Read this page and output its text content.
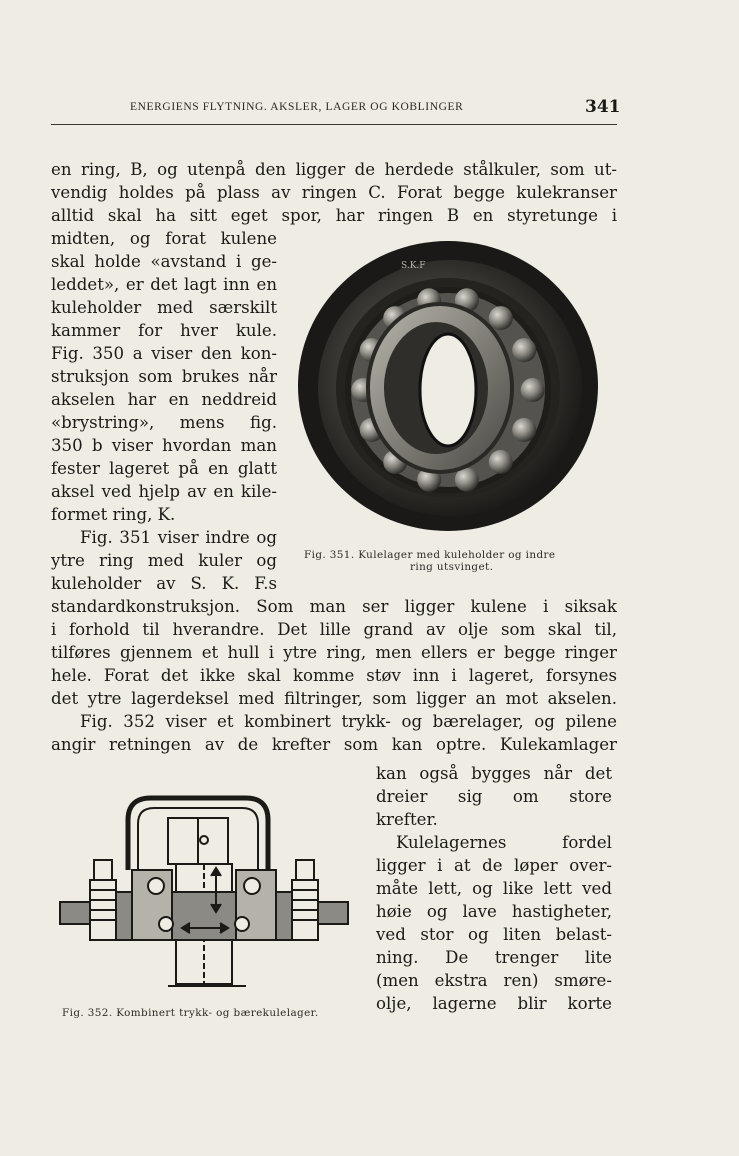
ENERGIENS FLYTNING. AKSLER, LAGER OG KOBLINGER	341
en ring, B, og utenpå den ligger de herdede stålkuler, som ut-
vendig holdes på plass av ringen C. Forat begge kulekranser
alltid skal ha sitt eget spor, har ringen B en styretunge i
midten, og forat kulene
skal holde «avstand i ge-
leddet», er det lagt inn en
kuleholder med særskilt
kammer for hver kule.
Fig. 350 a viser den kon-
struksjon som brukes når
akselen har en neddreid
«brystring», mens fig.
350 b viser hvordan man
fester lageret på en glatt
aksel ved hjelp av en kile-
formet ring, K.
Fig. 351 viser indre og
ytre ring med kuler og
kuleholder av S. K. F.s
standardkonstruksjon. Som man ser ligger kulene i siksak
i forhold til hverandre. Det lille grand av olje som skal til,
tilføres gjennem et hull i ytre ring, men ellers er begge ringer
hele. Forat det ikke skal komme støv inn i lageret, forsynes
det ytre lagerdeksel med filtringer, som ligger an mot akselen.
Fig. 352 viser et kombinert trykk- og bærelager, og pilene
angir retningen av de krefter som kan optre. Kulekamlager
kan også bygges når det
dreier sig om store
krefter.
Kulelagernes fordel
ligger i at de løper over-
måte lett, og like lett ved
høie og lave hastigheter,
ved stor og liten belast-
ning. De trenger lite
(men ekstra ren) smøre-
olje, lagerne blir korte
S.K.F
Fig. 351. Kulelager med kuleholder og indre
ring utsvinget.
Fig. 352. Kombinert trykk- og bærekulelager.
